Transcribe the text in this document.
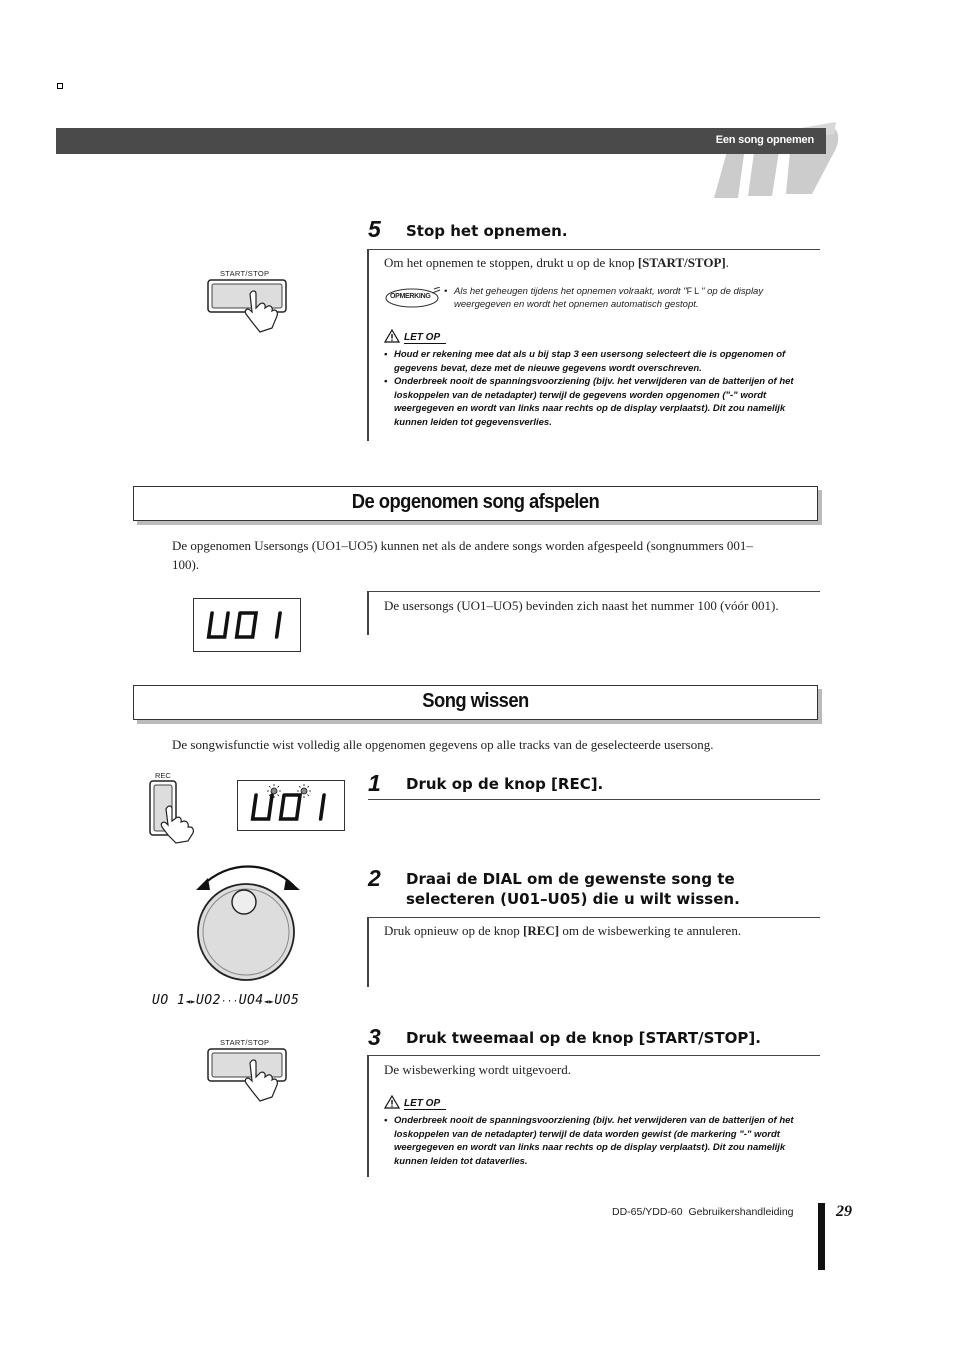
Een song opnemen
START/STOP
5 Stop het opnemen.
Om het opnemen te stoppen, drukt u op de knop [START/STOP].
OPMERKING • Als het geheugen tijdens het opnemen volraakt, wordt "FL" op de display weergegeven en wordt het opnemen automatisch gestopt.
LET OP
• Houd er rekening mee dat als u bij stap 3 een usersong selecteert die is opgenomen of gegevens bevat, deze met de nieuwe gegevens wordt overschreven.
• Onderbreek nooit de spanningsvoorziening (bijv. het verwijderen van de batterijen of het loskoppelen van de netadapter) terwijl de gegevens worden opgenomen ("-" wordt weergegeven en wordt van links naar rechts op de display verplaatst). Dit zou namelijk kunnen leiden tot gegevensverlies.
De opgenomen song afspelen
De opgenomen Usersongs (UO1–UO5) kunnen net als de andere songs worden afgespeeld (songnummers 001–100).
De usersongs (UO1–UO5) bevinden zich naast het nummer 100 (vóór 001).
Song wissen
De songwisfunctie wist volledig alle opgenomen gegevens op alle tracks van de geselecteerde usersong.
REC	1 Druk op de knop [REC].
UO 1◄►UO2···UO4◄►UO5
2 Draai de DIAL om de gewenste song te selecteren (U01–U05) die u wilt wissen.
Druk opnieuw op de knop [REC] om de wisbewerking te annuleren.
START/STOP	3 Druk tweemaal op de knop [START/STOP].
De wisbewerking wordt uitgevoerd.
LET OP
• Onderbreek nooit de spanningsvoorziening (bijv. het verwijderen van de batterijen of het loskoppelen van de netadapter) terwijl de data worden gewist (de markering "-" wordt weergegeven en wordt van links naar rechts op de display verplaatst). Dit zou namelijk kunnen leiden tot dataverlies.
DD-65/YDD-60  Gebruikershandleiding	29
